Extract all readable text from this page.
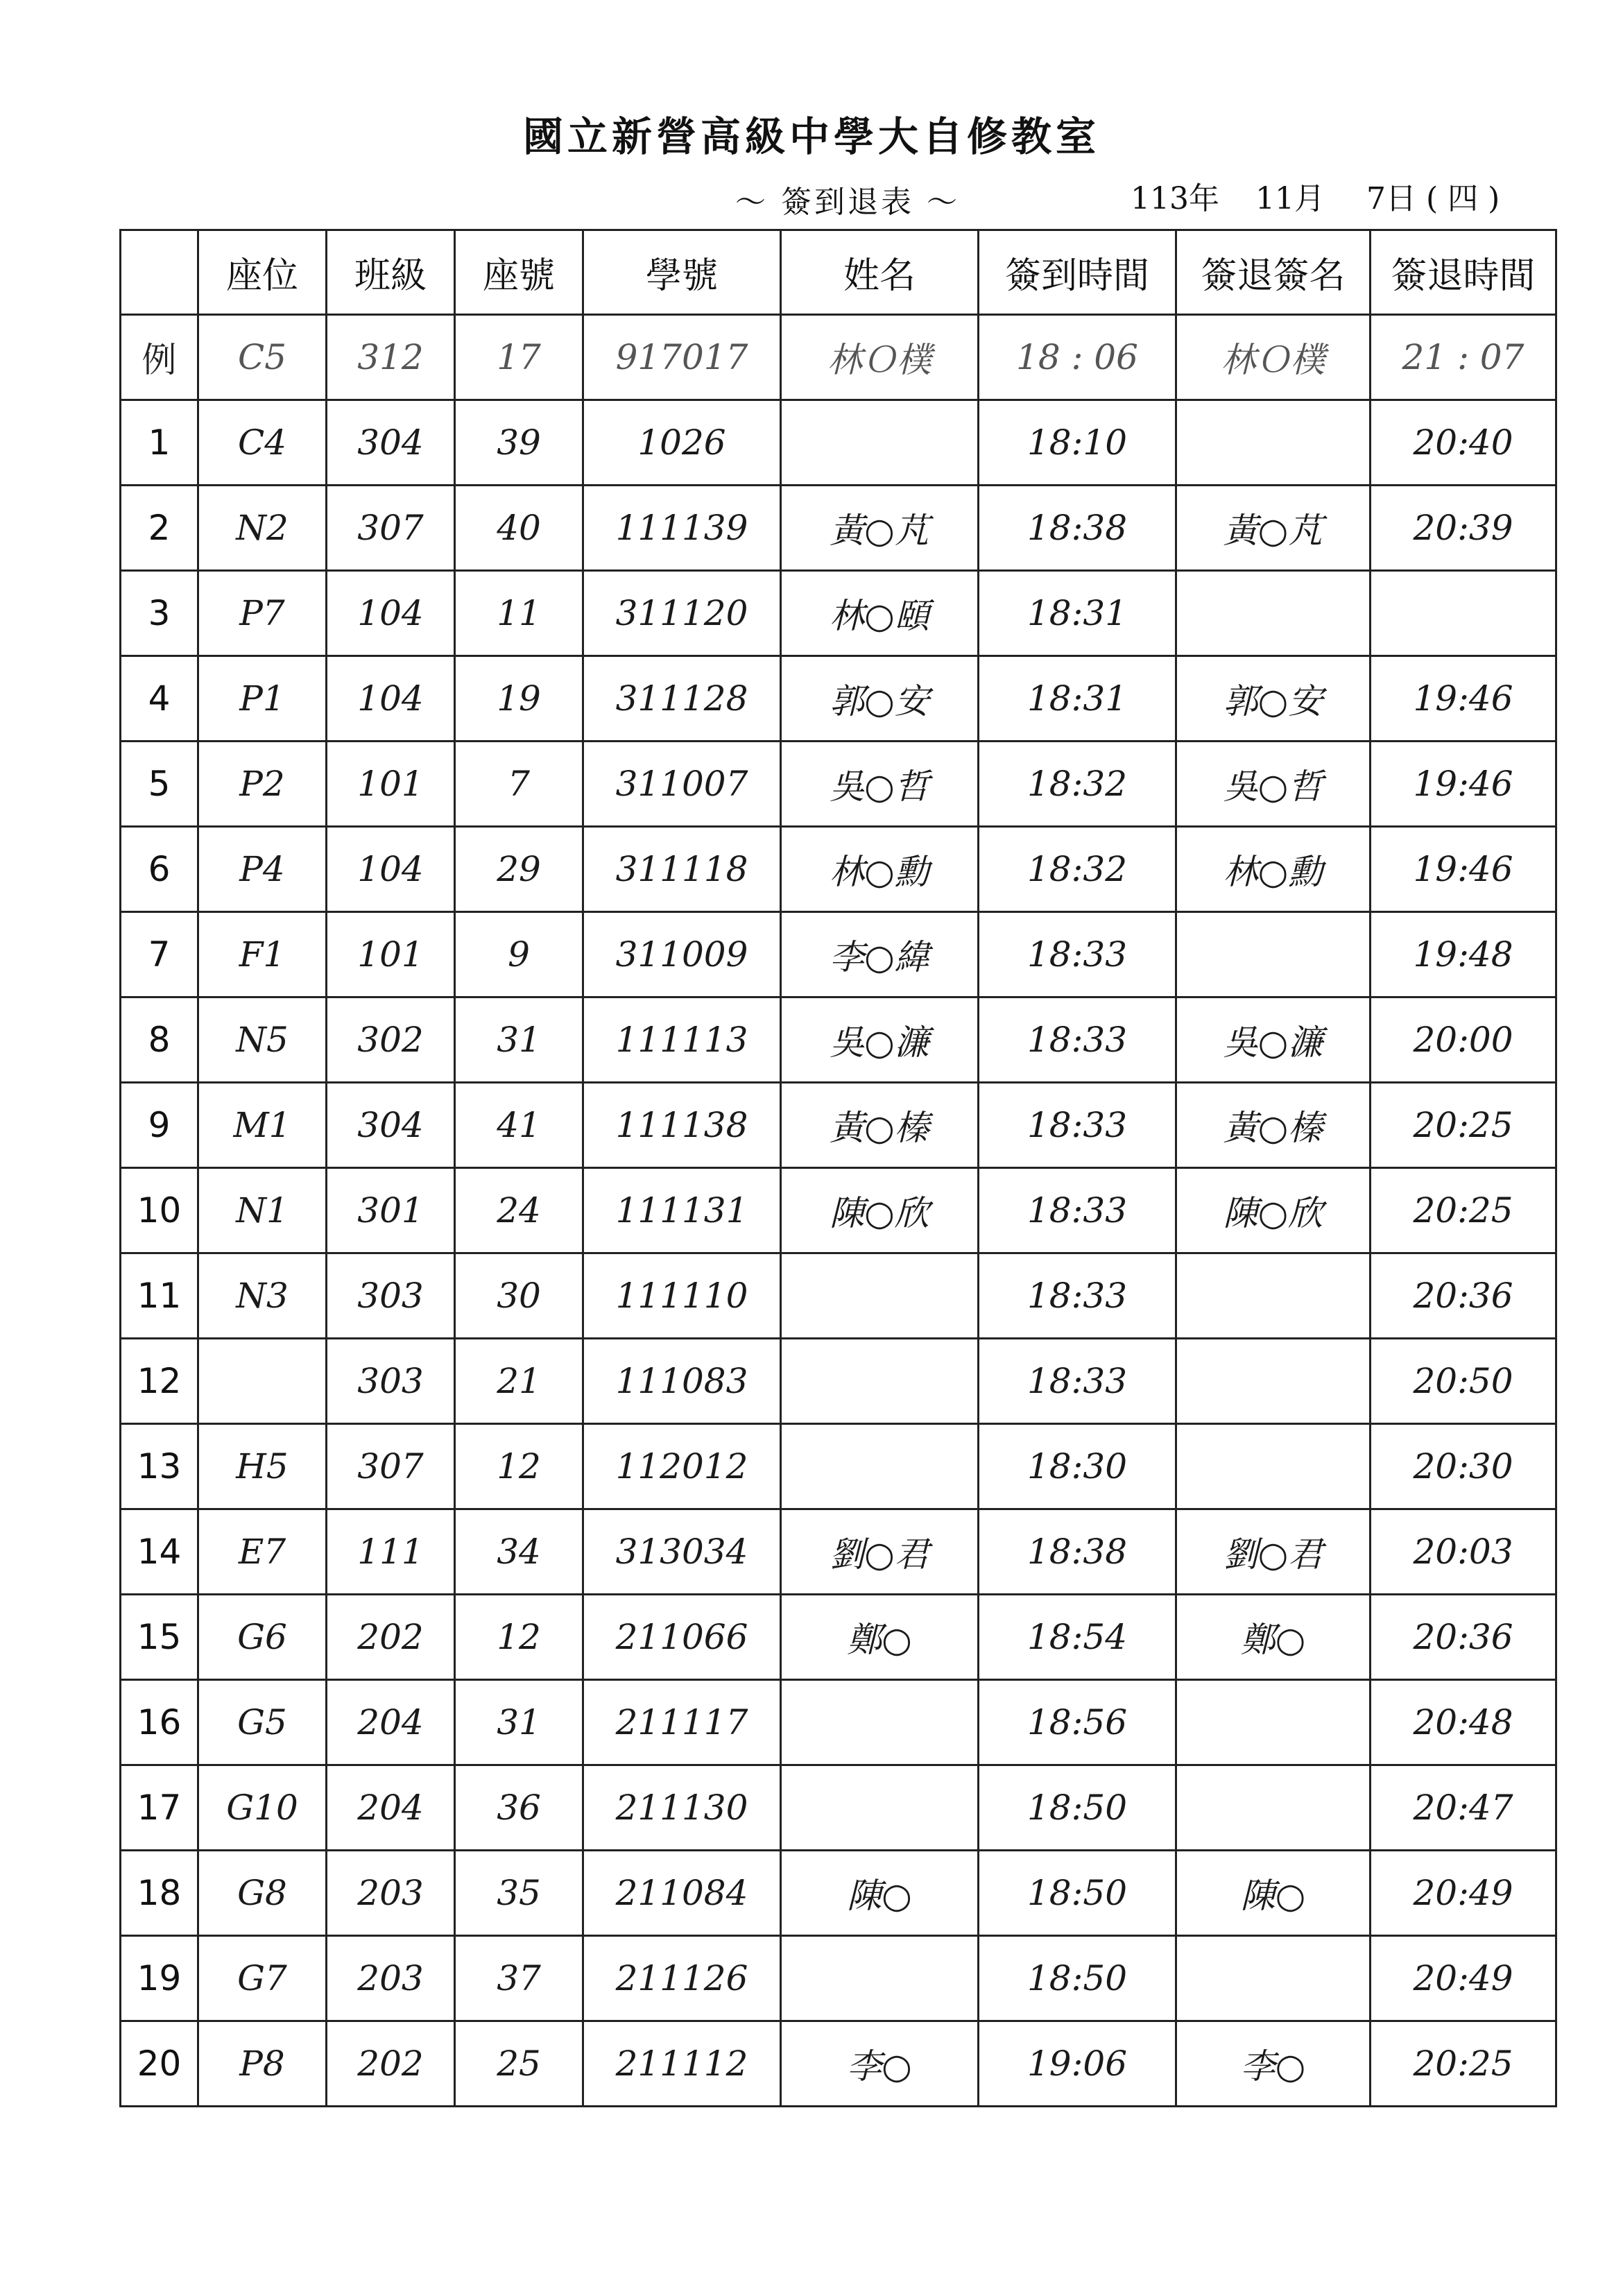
國立新營高級中學大自修教室
～ 簽到退表 ～	113年	11月	7日 ( 四 )
	座位	班級	座號	學號	姓名	簽到時間	簽退簽名	簽退時間
例	C5	312	17	917017	林Ｏ樸	18 : 06	林Ｏ樸	21 : 07
1	C4	304	39	1026		18:10		20:40
2	N2	307	40	111139	黃○芃	18:38	黃○芃	20:39
3	P7	104	11	311120	林○頤	18:31		
4	P1	104	19	311128	郭○安	18:31	郭○安	19:46
5	P2	101	7	311007	吳○哲	18:32	吳○哲	19:46
6	P4	104	29	311118	林○勳	18:32	林○勳	19:46
7	F1	101	9	311009	李○緯	18:33		19:48
8	N5	302	31	111113	吳○濂	18:33	吳○濂	20:00
9	M1	304	41	111138	黃○榛	18:33	黃○榛	20:25
10	N1	301	24	111131	陳○欣	18:33	陳○欣	20:25
11	N3	303	30	111110		18:33		20:36
12		303	21	111083		18:33		20:50
13	H5	307	12	112012		18:30		20:30
14	E7	111	34	313034	劉○君	18:38	劉○君	20:03
15	G6	202	12	211066	鄭○	18:54	鄭○	20:36
16	G5	204	31	211117		18:56		20:48
17	G10	204	36	211130		18:50		20:47
18	G8	203	35	211084	陳○	18:50	陳○	20:49
19	G7	203	37	211126		18:50		20:49
20	P8	202	25	211112	李○	19:06	李○	20:25
